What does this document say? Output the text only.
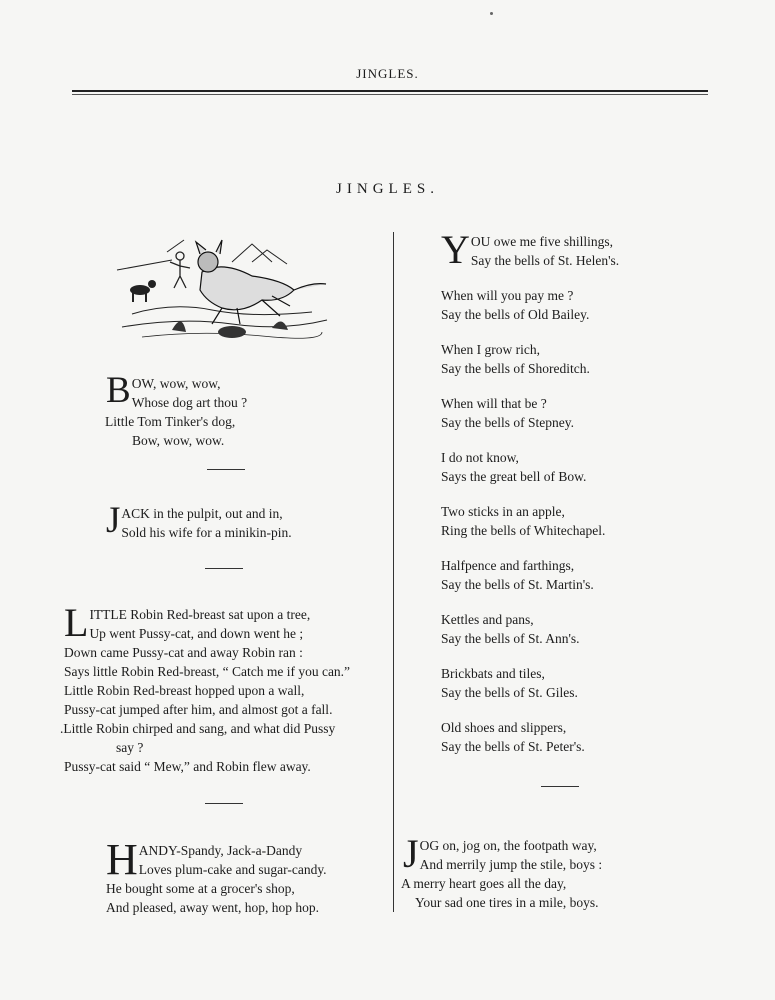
JINGLES.
JINGLES.
B OW, wow, wow,
Whose dog art thou ?
Little Tom Tinker's dog,
Bow, wow, wow.
J ACK in the pulpit, out and in,
Sold his wife for a minikin-pin.
L ITTLE Robin Red-breast sat upon a tree,
Up went Pussy-cat, and down went he ;
Down came Pussy-cat and away Robin ran :
Says little Robin Red-breast, “ Catch me if you can.”
Little Robin Red-breast hopped upon a wall,
Pussy-cat jumped after him, and almost got a fall.
.Little Robin chirped and sang, and what did Pussy
say ?
Pussy-cat said “ Mew,” and Robin flew away.
H ANDY-Spandy, Jack-a-Dandy
Loves plum-cake and sugar-candy.
He bought some at a grocer's shop,
And pleased, away went, hop, hop hop.
Y OU owe me five shillings,
Say the bells of St. Helen's.
When will you pay me ?
Say the bells of Old Bailey.
When I grow rich,
Say the bells of Shoreditch.
When will that be ?
Say the bells of Stepney.
I do not know,
Says the great bell of Bow.
Two sticks in an apple,
Ring the bells of Whitechapel.
Halfpence and farthings,
Say the bells of St. Martin's.
Kettles and pans,
Say the bells of St. Ann's.
Brickbats and tiles,
Say the bells of St. Giles.
Old shoes and slippers,
Say the bells of St. Peter's.
J OG on, jog on, the footpath way,
And merrily jump the stile, boys :
A merry heart goes all the day,
Your sad one tires in a mile, boys.
